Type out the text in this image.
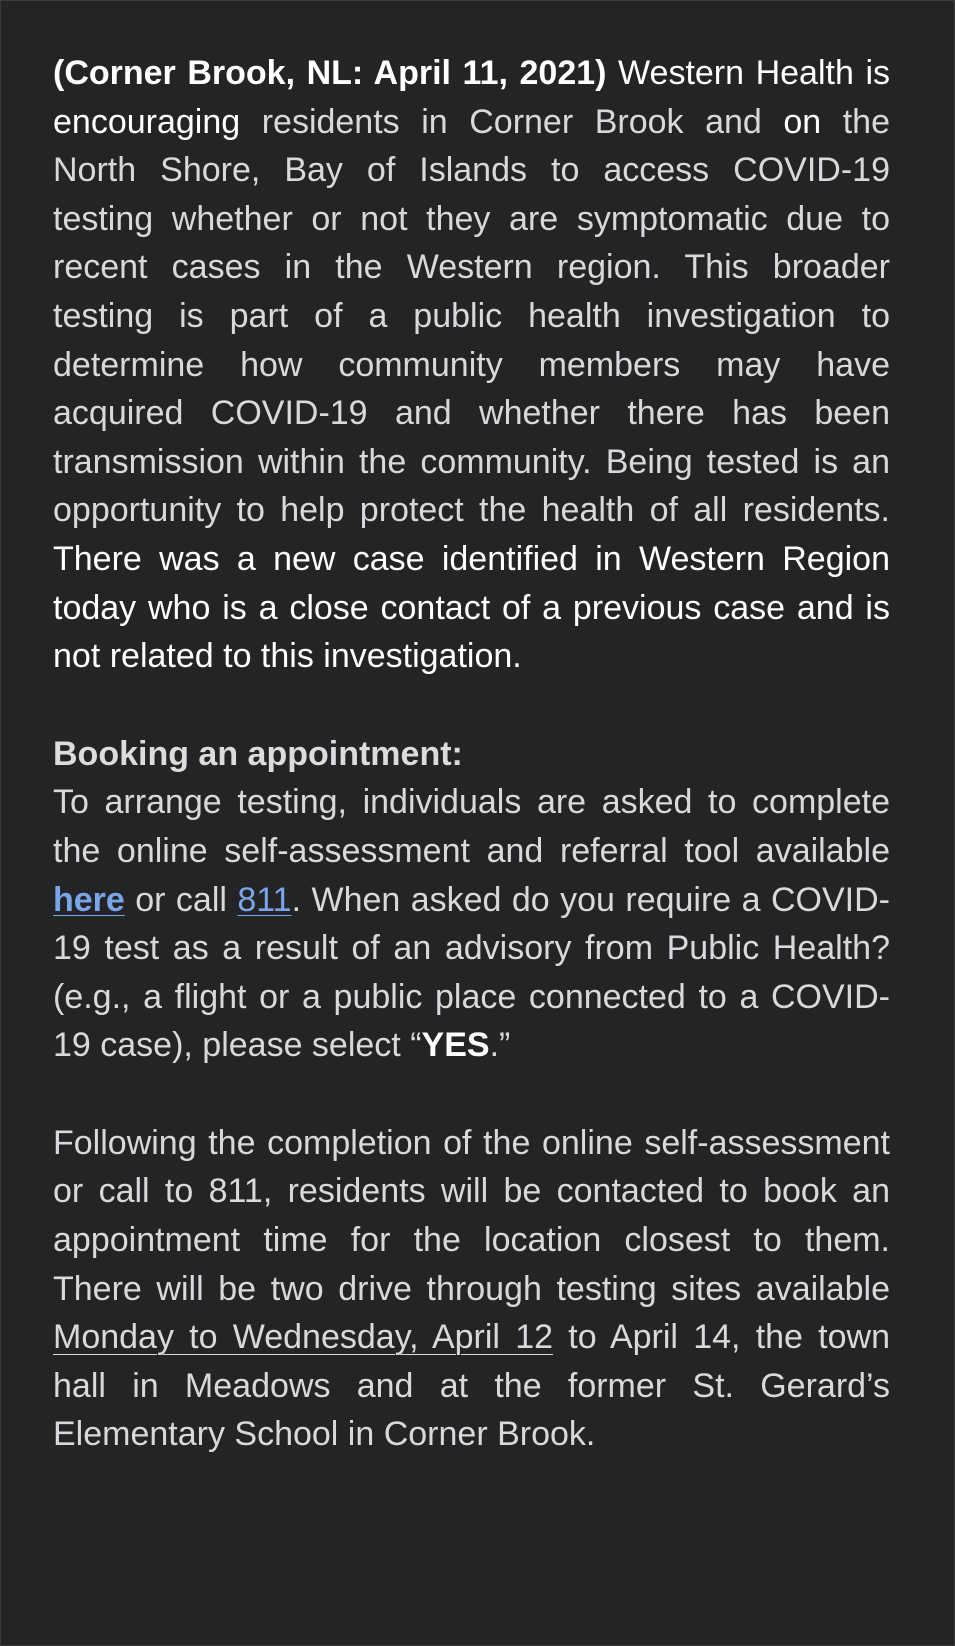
(Corner Brook, NL: April 11, 2021) Western Health is encouraging residents in Corner Brook and on the North Shore, Bay of Islands to access COVID-19 testing whether or not they are symptomatic due to recent cases in the Western region. This broader testing is part of a public health investigation to determine how community members may have acquired COVID-19 and whether there has been transmission within the community. Being tested is an opportunity to help protect the health of all residents. There was a new case identified in Western Region today who is a close contact of a previous case and is not related to this investigation.

Booking an appointment:
To arrange testing, individuals are asked to complete the online self-assessment and referral tool available here or call 811. When asked do you require a COVID-19 test as a result of an advisory from Public Health? (e.g., a flight or a public place connected to a COVID-19 case), please select “YES.”

Following the completion of the online self-assessment or call to 811, residents will be contacted to book an appointment time for the location closest to them. There will be two drive through testing sites available Monday to Wednesday, April 12 to April 14, the town hall in Meadows and at the former St. Gerard’s Elementary School in Corner Brook.
